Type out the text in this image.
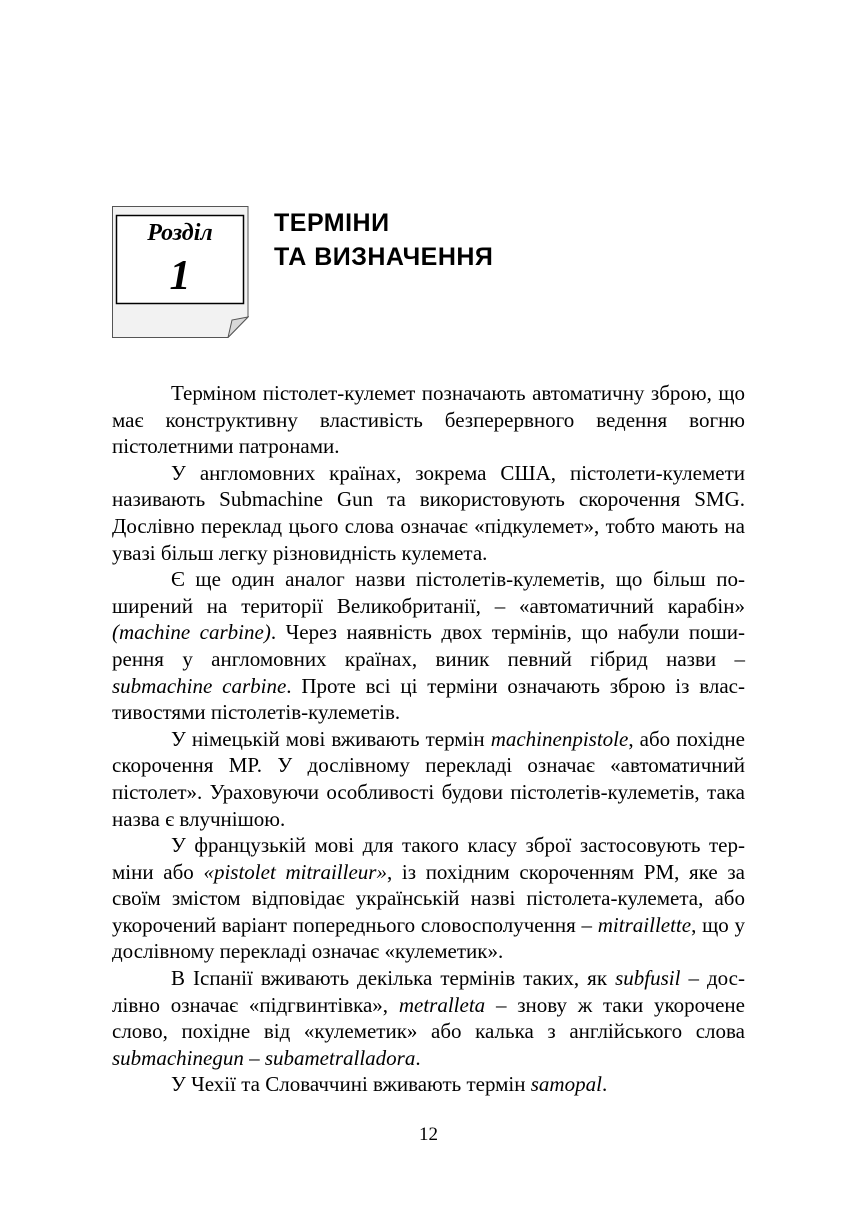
Розділ
1
ТЕРМІНИ
ТА ВИЗНАЧЕННЯ

Терміном пістолет-кулемет позначають автоматичну зброю, що має конструктивну властивість безперервного ведення вогню пістолетними патронами.

У англомовних країнах, зокрема США, пістолети-кулемети називають Submachine Gun та використовують скорочення SMG. Дослівно переклад цього слова означає «підкулемет», тобто мають на увазі більш легку різновидність кулемета.

Є ще один аналог назви пістолетів-кулеметів, що більш поширений на території Великобританії, – «автоматичний карабін» (machine carbine). Через наявність двох термінів, що набули поширення у англомовних країнах, виник певний гібрид назви – submachine carbine. Проте всі ці терміни означають зброю із властивостями пістолетів-кулеметів.

У німецькій мові вживають термін machinenpistole, або похідне скорочення MP. У дослівному перекладі означає «автоматичний пістолет». Ураховуючи особливості будови пістолетів-кулеметів, така назва є влучнішою.

У французькій мові для такого класу зброї застосовують терміни або «pistolet mitrailleur», із похідним скороченням PM, яке за своїм змістом відповідає українській назві пістолета-кулемета, або укорочений варіант попереднього словосполучення – mitraillette, що у дослівному перекладі означає «кулеметик».

В Іспанії вживають декілька термінів таких, як subfusil – дослівно означає «підгвинтівка», metralleta – знову ж таки укорочене слово, похідне від «кулеметик» або калька з англійського слова submachinegun – subametralladora.

У Чехії та Словаччині вживають термін samopal.

12
